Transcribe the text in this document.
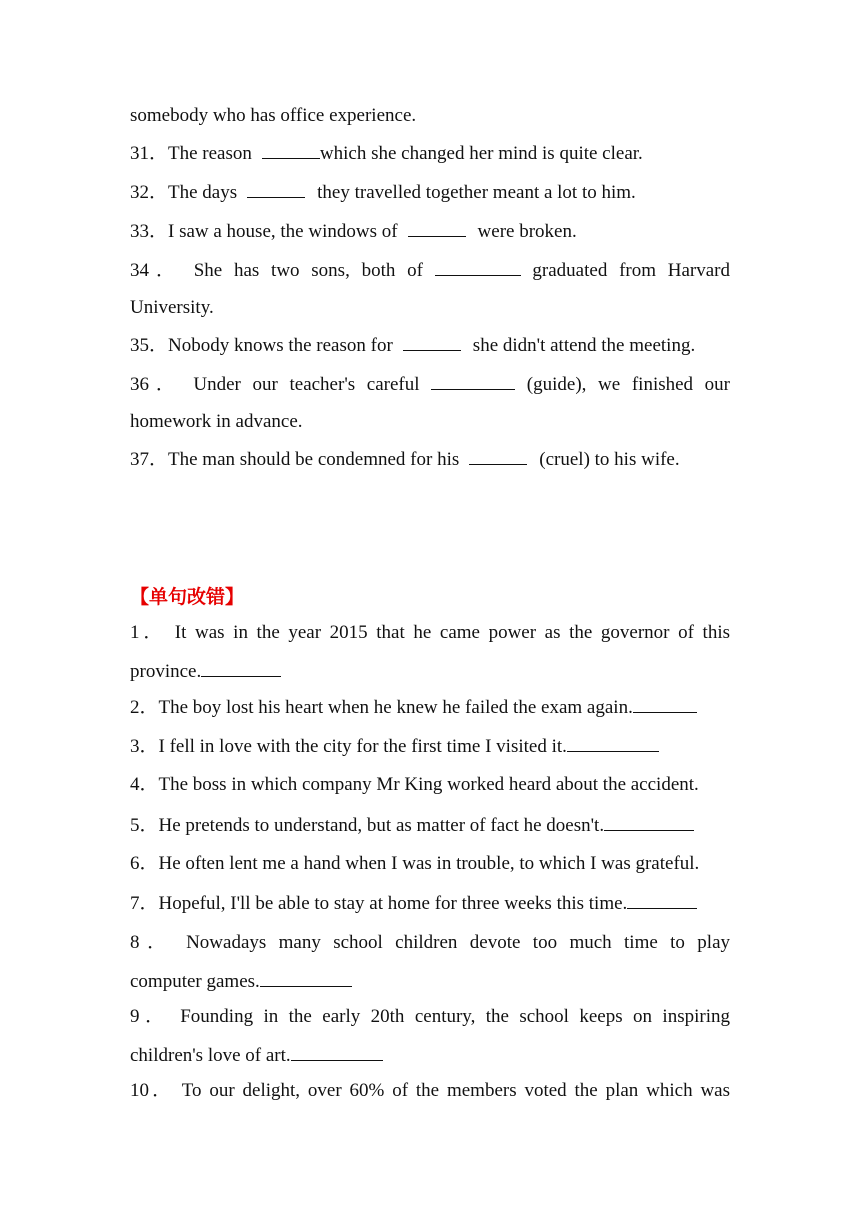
somebody who has office experience.
31．The reason	which she changed her mind is quite clear.
32．The days	they travelled together meant a lot to him.
33．I saw a house, the windows of	were broken.
34． She has two sons, both of	graduated from Harvard
University.
35．Nobody knows the reason for	she didn't attend the meeting.
36． Under our teacher's careful	(guide), we finished our
homework in advance.
37．The man should be condemned for his	(cruel) to his wife.
【单句改错】
1． It was in the year 2015 that he came power as the governor of this
province.
2．The boy lost his heart when he knew he failed the exam again.
3．I fell in love with the city for the first time I visited it.
4．The boss in which company Mr King worked heard about the accident.
5．He pretends to understand, but as matter of fact he doesn't.
6．He often lent me a hand when I was in trouble, to which I was grateful.
7．Hopeful, I'll be able to stay at home for three weeks this time.
8． Nowadays many school children devote too much time to play
computer games.
9． Founding in the early 20th century, the school keeps on inspiring
children's love of art.
10． To our delight, over 60% of the members voted the plan which was
